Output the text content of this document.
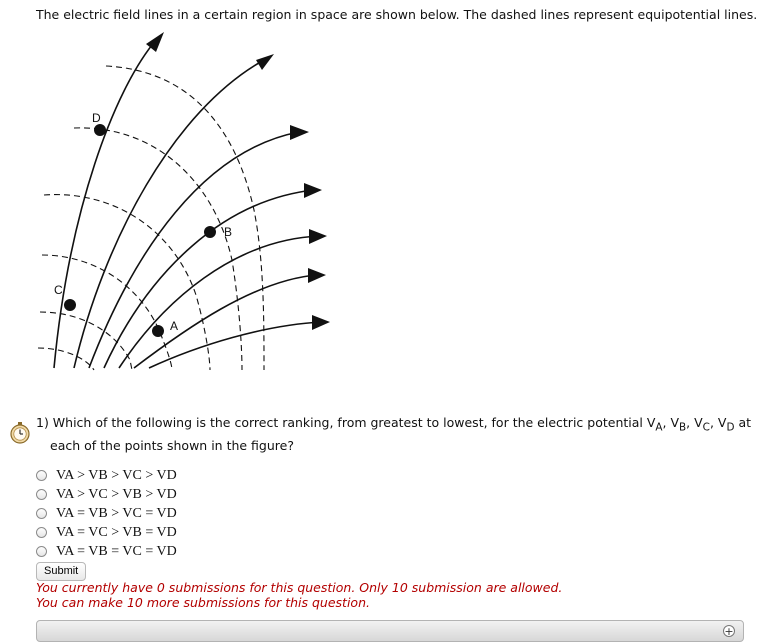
The electric field lines in a certain region in space are shown below. The dashed lines represent equipotential lines.
D
B
C
A
1) Which of the following is the correct ranking, from greatest to lowest, for the electric potential $V_A$, $V_B$, $V_C$, $V_D$ at
each of the points shown in the figure?
VA > VB > VC > VD
VA > VC > VB > VD
VA = VB > VC = VD
VA = VC > VB = VD
VA = VB = VC = VD
Submit
You currently have 0 submissions for this question. Only 10 submission are allowed.
You can make 10 more submissions for this question.
+
